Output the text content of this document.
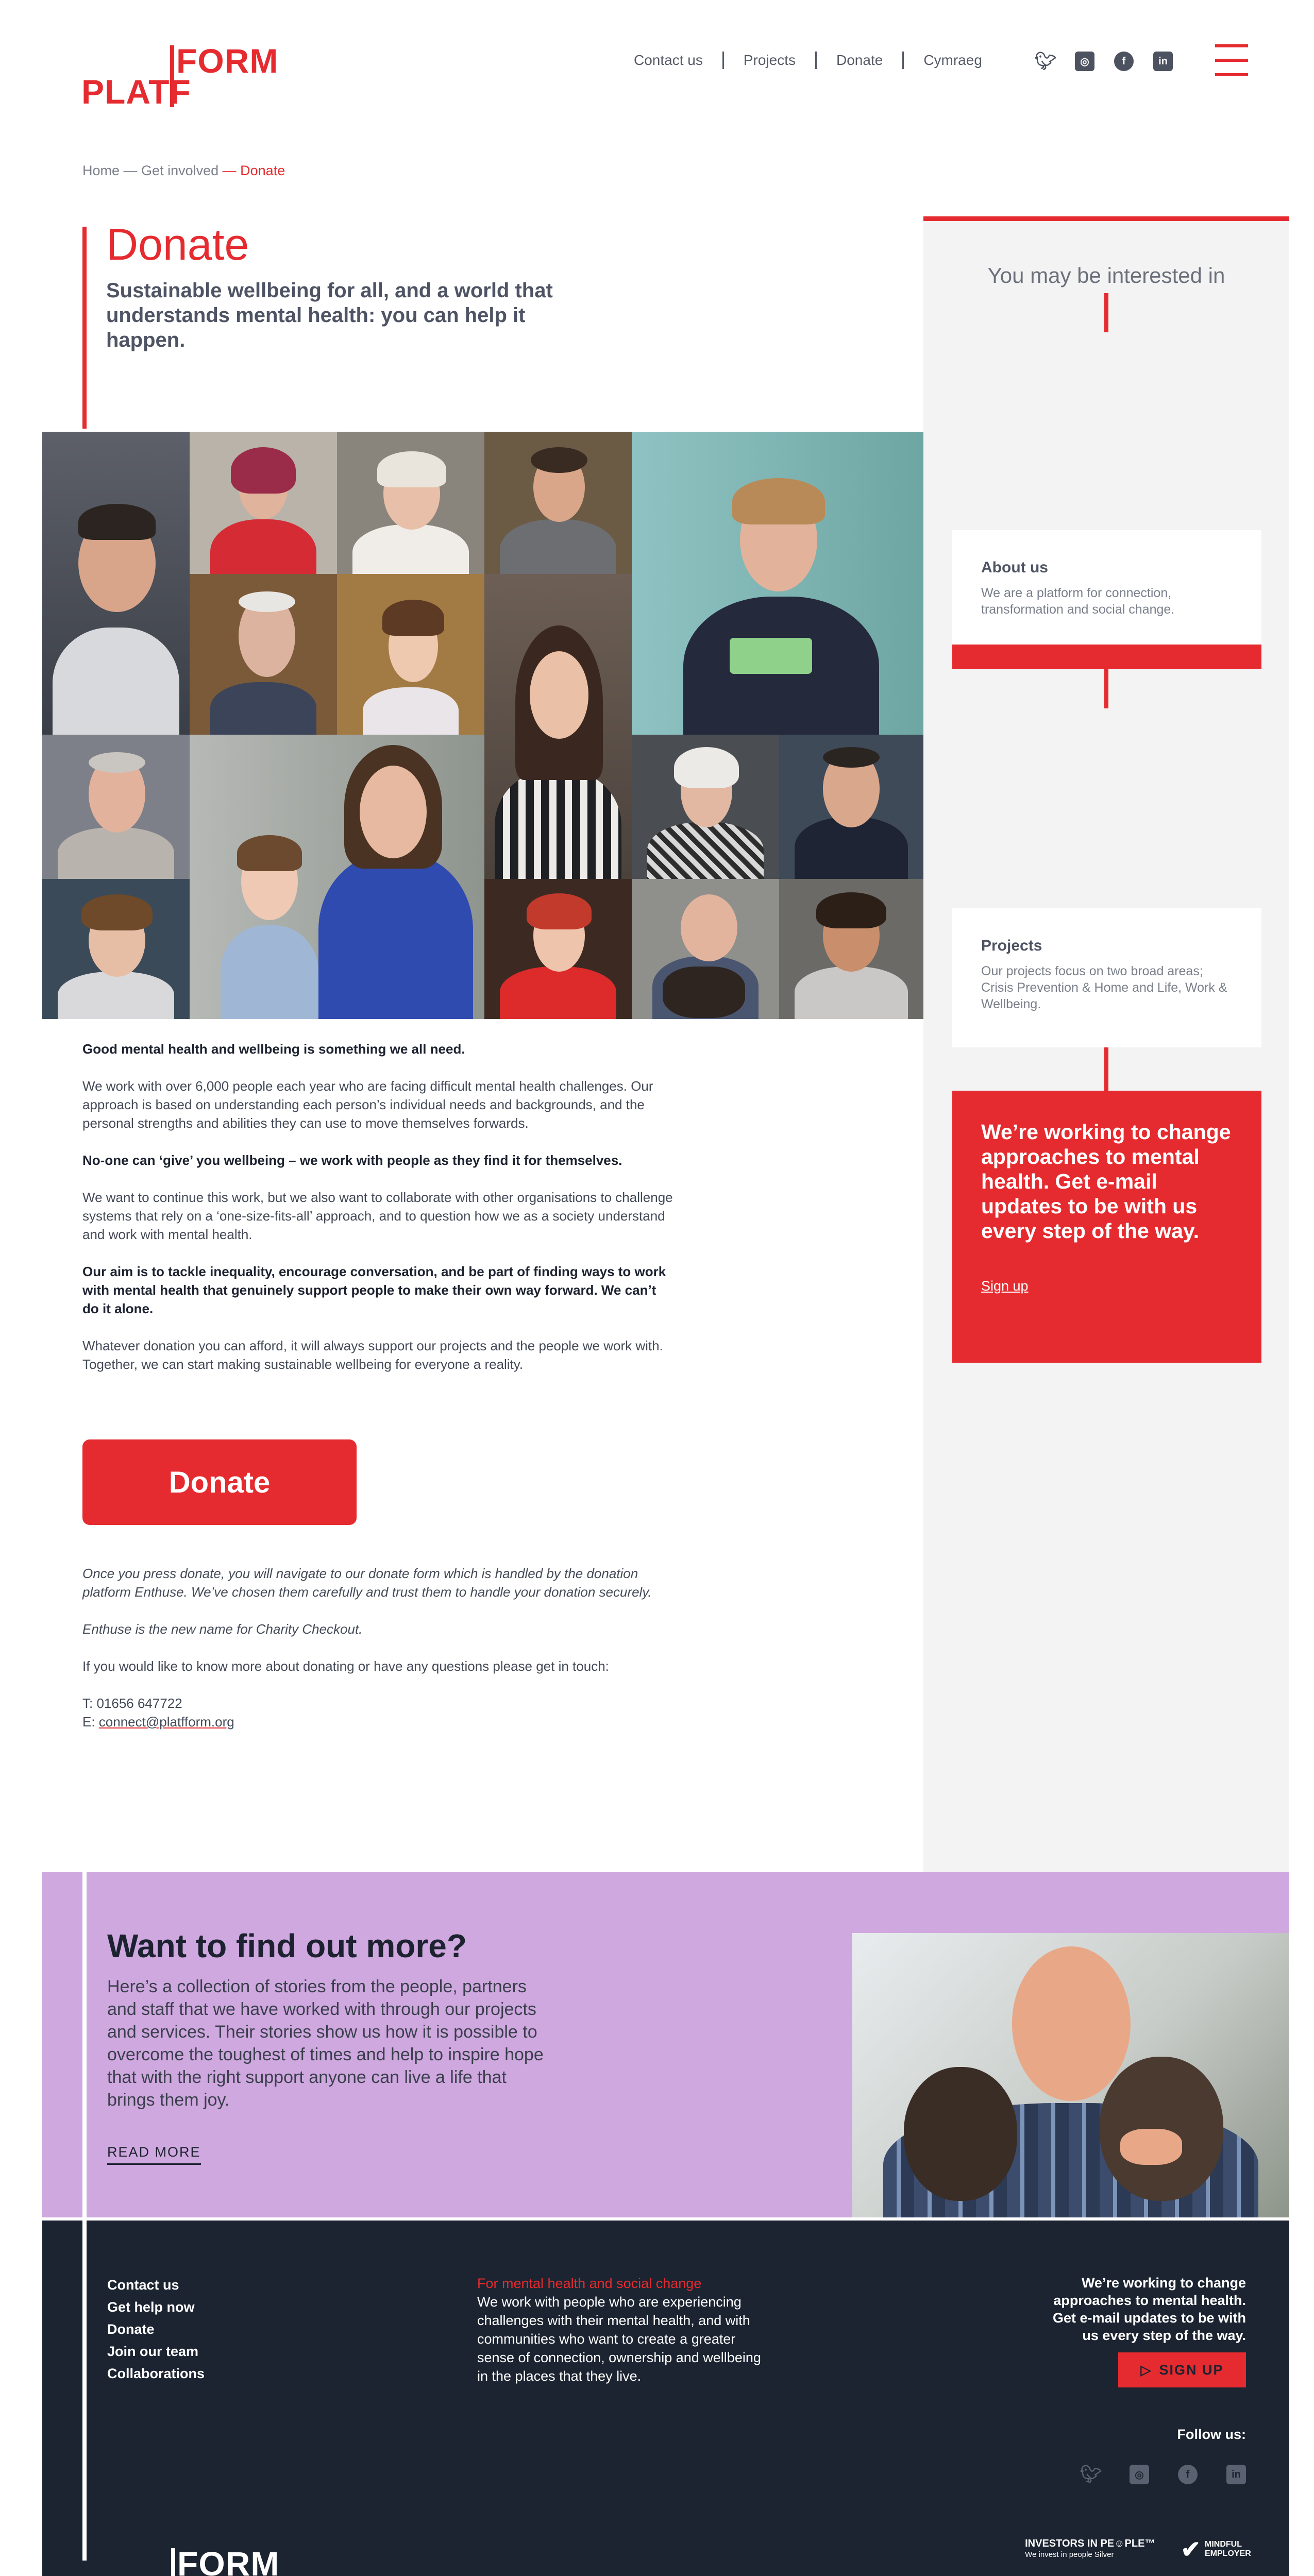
PLATF
FORM	Contact us	Projects	Donate	Cymraeg	🐦︎	◎	f	in
Home — Get involved — Donate
Donate
Sustainable wellbeing for all, and a world that understands mental health: you can help it happen.

Good mental health and wellbeing is something we all need.

We work with over 6,000 people each year who are facing difficult mental health challenges. Our approach is based on understanding each person’s individual needs and backgrounds, and the personal strengths and abilities they can use to move themselves forwards.

No-one can ‘give’ you wellbeing – we work with people as they find it for themselves.

We want to continue this work, but we also want to collaborate with other organisations to challenge systems that rely on a ‘one-size-fits-all’ approach, and to question how we as a society understand and work with mental health.

Our aim is to tackle inequality, encourage conversation, and be part of finding ways to work with mental health that genuinely support people to make their own way forward. We can’t do it alone.

Whatever donation you can afford, it will always support our projects and the people we work with. Together, we can start making sustainable wellbeing for everyone a reality.

Donate

Once you press donate, you will navigate to our donate form which is handled by the donation platform Enthuse. We’ve chosen them carefully and trust them to handle your donation securely.

Enthuse is the new name for Charity Checkout.

If you would like to know more about donating or have any questions please get in touch:

T: 01656 647722

E: connect@platfform.org

You may be interested in
About us

We are a platform for connection, transformation and social change.

Projects

Our projects focus on two broad areas; Crisis Prevention & Home and Life, Work & Wellbeing.

We’re working to change approaches to mental health. Get e-mail updates to be with us every step of the way.
Sign up
Want to find out more?

Here’s a collection of stories from the people, partners and staff that we have worked with through our projects and services. Their stories show us how it is possible to overcome the toughest of times and help to inspire hope that with the right support anyone can live a life that brings them joy.

READ MORE
Contact us
Get help now
Donate
Join our team
Collaborations
For mental health and social change
We work with people who are experiencing challenges with their mental health, and with communities who want to create a greater sense of connection, ownership and wellbeing in the places that they live.
We’re working to change approaches to mental health. Get e-mail updates to be with us every step of the way.
▷ SIGN UP
Follow us:
🐦︎	◎	f	in
FORM
INVESTORS IN PE☺PLE™
We invest in people Silver	✔ MINDFUL EMPLOYER
